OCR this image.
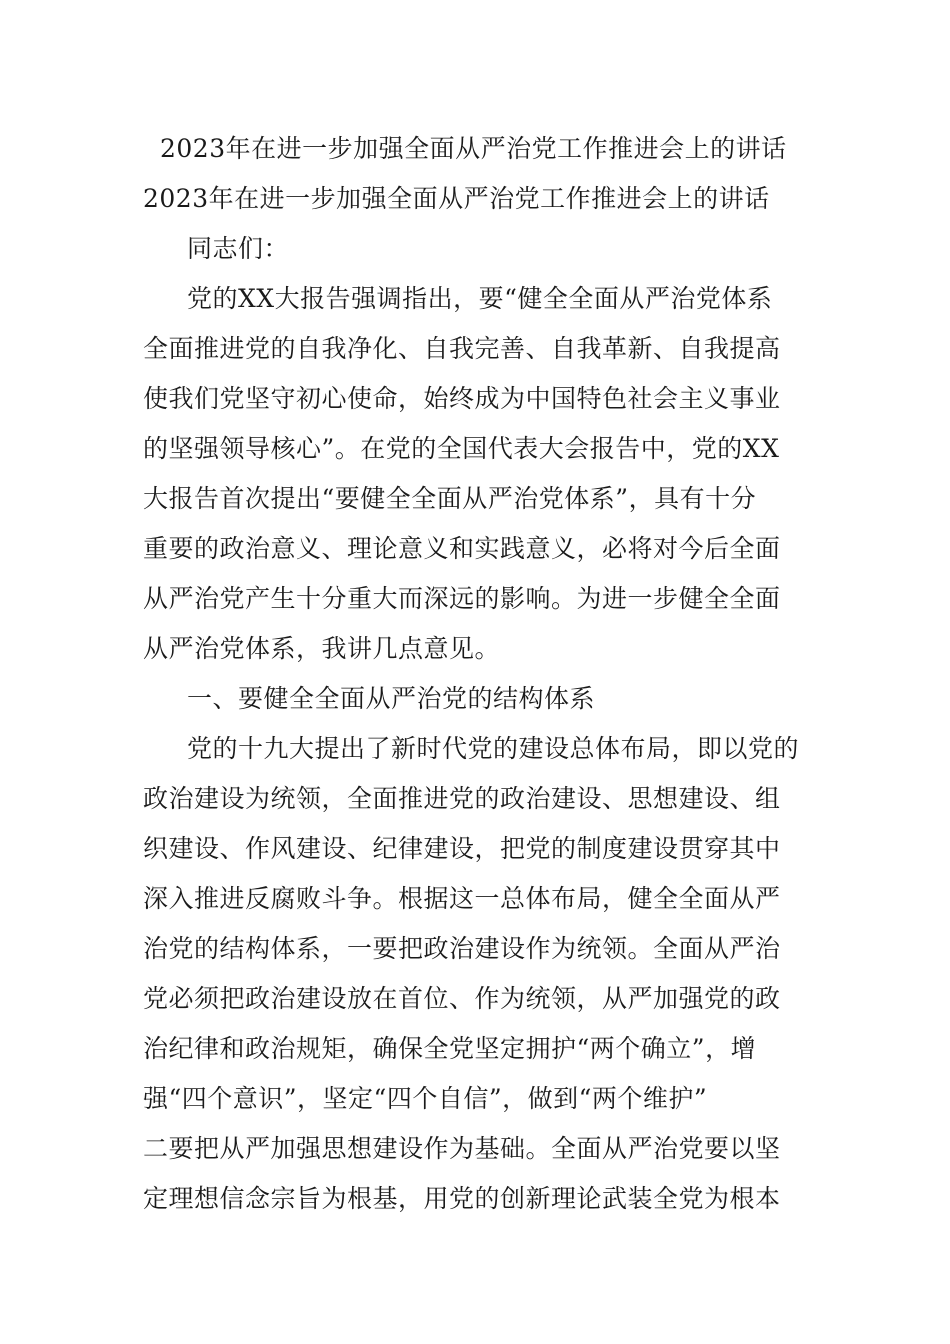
2023年在进一步加强全面从严治党工作推进会上的讲话
2023年在进一步加强全面从严治党工作推进会上的讲话
同志们：
党的XX大报告强调指出，要“健全全面从严治党体系
全面推进党的自我净化、自我完善、自我革新、自我提高
使我们党坚守初心使命，始终成为中国特色社会主义事业
的坚强领导核心”。在党的全国代表大会报告中，党的XX
大报告首次提出“要健全全面从严治党体系”，具有十分
重要的政治意义、理论意义和实践意义，必将对今后全面
从严治党产生十分重大而深远的影响。为进一步健全全面
从严治党体系，我讲几点意见。
一、要健全全面从严治党的结构体系
党的十九大提出了新时代党的建设总体布局，即以党的
政治建设为统领，全面推进党的政治建设、思想建设、组
织建设、作风建设、纪律建设，把党的制度建设贯穿其中
深入推进反腐败斗争。根据这一总体布局，健全全面从严
治党的结构体系，一要把政治建设作为统领。全面从严治
党必须把政治建设放在首位、作为统领，从严加强党的政
治纪律和政治规矩，确保全党坚定拥护“两个确立”，增
强“四个意识”，坚定“四个自信”，做到“两个维护”
二要把从严加强思想建设作为基础。全面从严治党要以坚
定理想信念宗旨为根基，用党的创新理论武装全党为根本
